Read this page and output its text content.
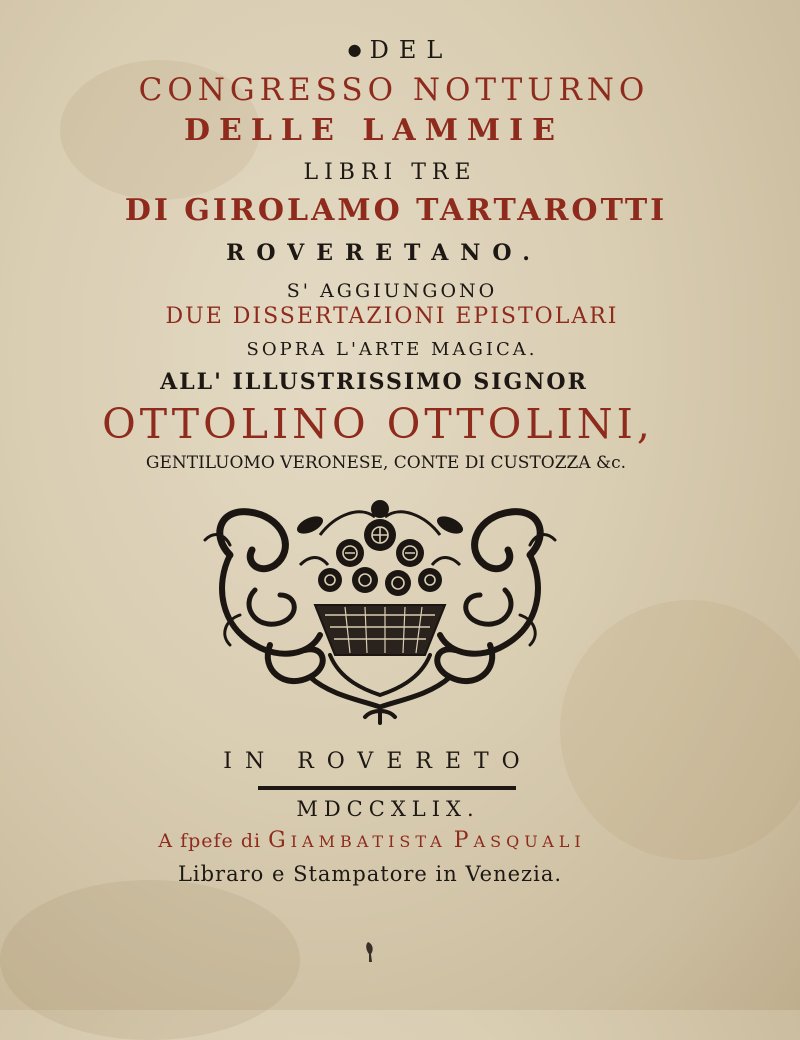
● DEL
CONGRESSO NOTTURNO
DELLE LAMMIE
LIBRI TRE
DI GIROLAMO TARTAROTTI
ROVERETANO.
S' AGGIUNGONO
DUE DISSERTAZIONI EPISTOLARI
SOPRA L'ARTE MAGICA.
ALL' ILLUSTRISSIMO SIGNOR
OTTOLINO OTTOLINI,
GENTILUOMO VERONESE, CONTE DI CUSTOZZA &c.
IN ROVERETO
MDCCXLIX.
A fpefe di GIAMBATISTA PASQUALI
Libraro e Stampatore in Venezia.
